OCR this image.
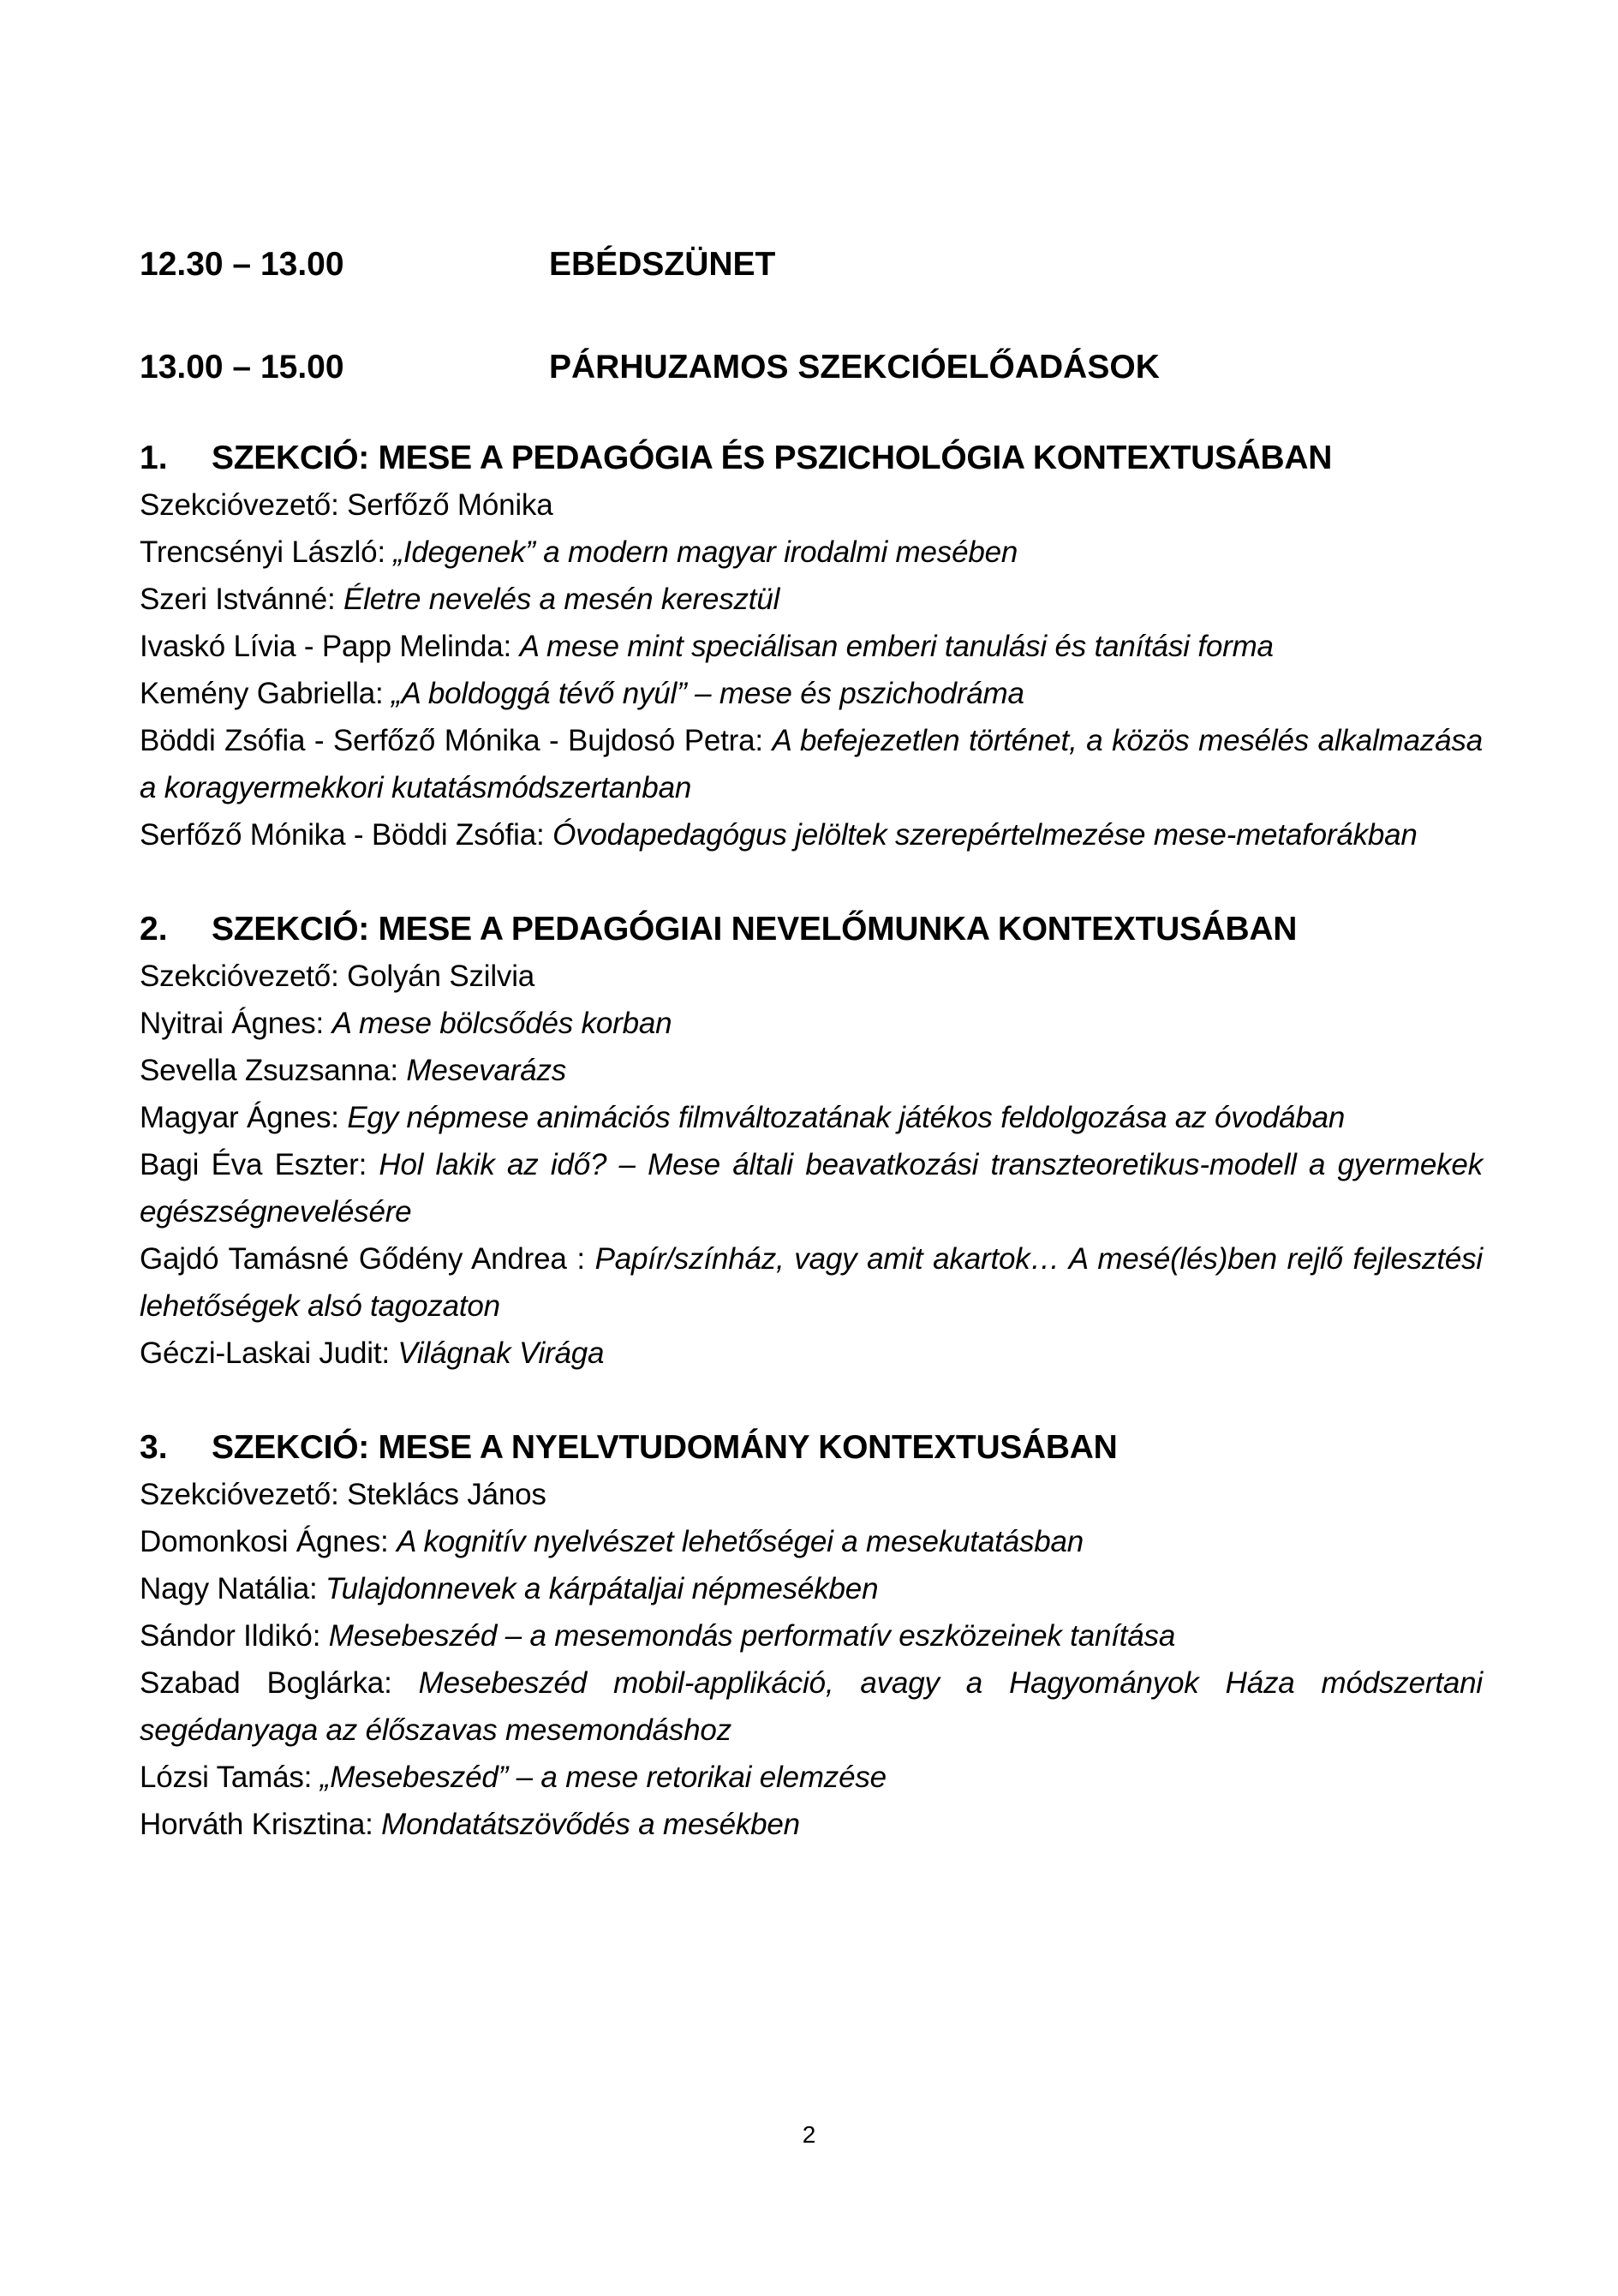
12.30 – 13.00	EBÉDSZÜNET
13.00 – 15.00	PÁRHUZAMOS SZEKCIÓELŐADÁSOK
1. SZEKCIÓ: MESE A PEDAGÓGIA ÉS PSZICHOLÓGIA KONTEXTUSÁBAN
Szekcióvezető: Serfőző Mónika
Trencsényi László: „Idegenek” a modern magyar irodalmi mesében
Szeri Istvánné: Életre nevelés a mesén keresztül
Ivaskó Lívia - Papp Melinda: A mese mint speciálisan emberi tanulási és tanítási forma
Kemény Gabriella: „A boldoggá tévő nyúl” – mese és pszichodráma
Böddi Zsófia - Serfőző Mónika - Bujdosó Petra: A befejezetlen történet, a közös mesélés alkalmazása a koragyermekkori kutatásmódszertanban
Serfőző Mónika - Böddi Zsófia: Óvodapedagógus jelöltek szerepértelmezése mese-metaforákban
2. SZEKCIÓ: MESE A PEDAGÓGIAI NEVELŐMUNKA KONTEXTUSÁBAN
Szekcióvezető: Golyán Szilvia
Nyitrai Ágnes: A mese bölcsődés korban
Sevella Zsuzsanna: Mesevarázs
Magyar Ágnes: Egy népmese animációs filmváltozatának játékos feldolgozása az óvodában
Bagi Éva Eszter: Hol lakik az idő? – Mese általi beavatkozási transzteoretikus-modell a gyermekek egészségnevelésére
Gajdó Tamásné Gődény Andrea : Papír/színház, vagy amit akartok… A mesé(lés)ben rejlő fejlesztési lehetőségek alsó tagozaton
Géczi-Laskai Judit: Világnak Virága
3. SZEKCIÓ: MESE A NYELVTUDOMÁNY KONTEXTUSÁBAN
Szekcióvezető: Steklács János
Domonkosi Ágnes: A kognitív nyelvészet lehetőségei a mesekutatásban
Nagy Natália: Tulajdonnevek a kárpátaljai népmesékben
Sándor Ildikó: Mesebeszéd – a mesemondás performatív eszközeinek tanítása
Szabad Boglárka: Mesebeszéd mobil-applikáció, avagy a Hagyományok Háza módszertani segédanyaga az élőszavas mesemondáshoz
Lózsi Tamás: „Mesebeszéd” – a mese retorikai elemzése
Horváth Krisztina: Mondatátszövődés a mesékben
2
